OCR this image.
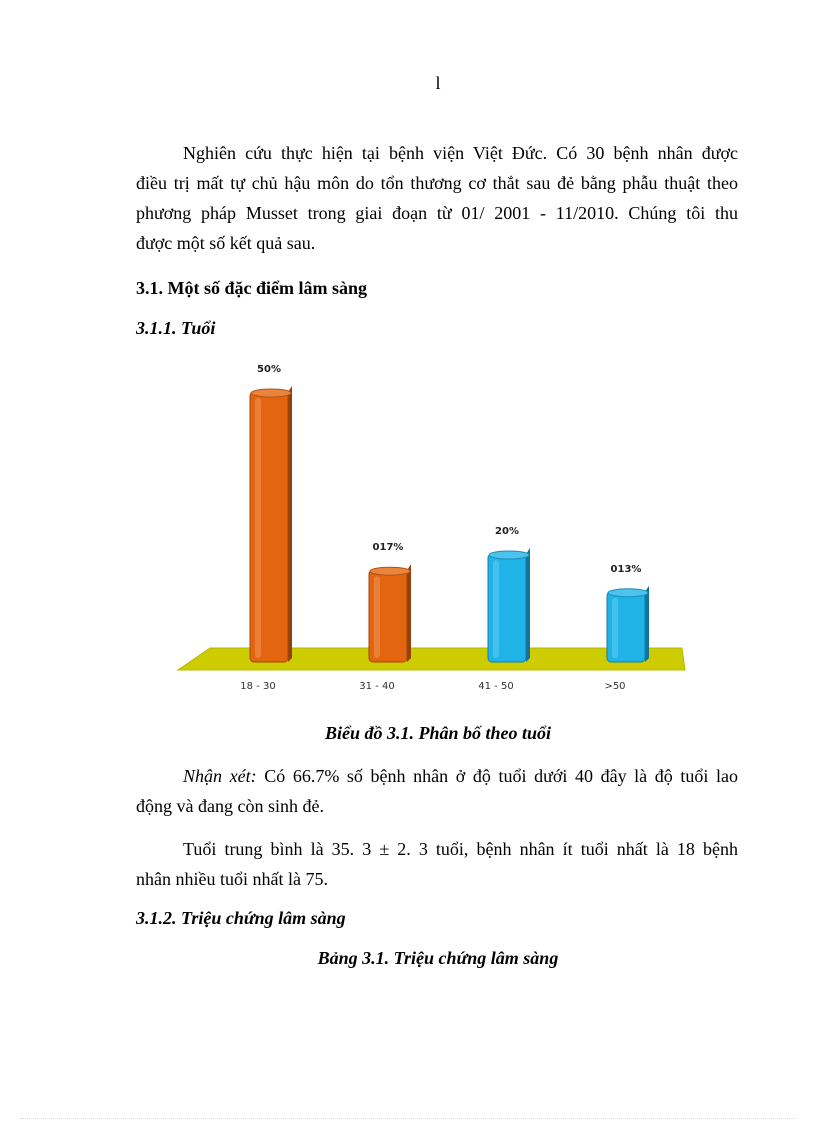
l

Nghiên cứu thực hiện tại bệnh viện Việt Đức. Có 30 bệnh nhân được
điều trị mất tự chủ hậu môn do tổn thương cơ thắt sau đẻ bằng phẫu thuật theo
phương pháp Musset trong giai đoạn từ 01/ 2001 - 11/2010. Chúng tôi thu
được một số kết quả sau.

3.1. Một số đặc điểm lâm sàng
3.1.1. Tuổi
50%
18 - 30
017%
31 - 40
20%
41 - 50
013%
>50
Biểu đồ 3.1. Phân bố theo tuổi

Nhận xét: Có 66.7% số bệnh nhân ở độ tuổi dưới 40 đây là độ tuổi lao
động và đang còn sinh đẻ.

Tuổi trung bình là 35. 3 ± 2. 3 tuổi, bệnh nhân ít tuổi nhất là 18 bệnh
nhân nhiều tuổi nhất là 75.

3.1.2. Triệu chứng lâm sàng
Bảng 3.1. Triệu chứng lâm sàng
